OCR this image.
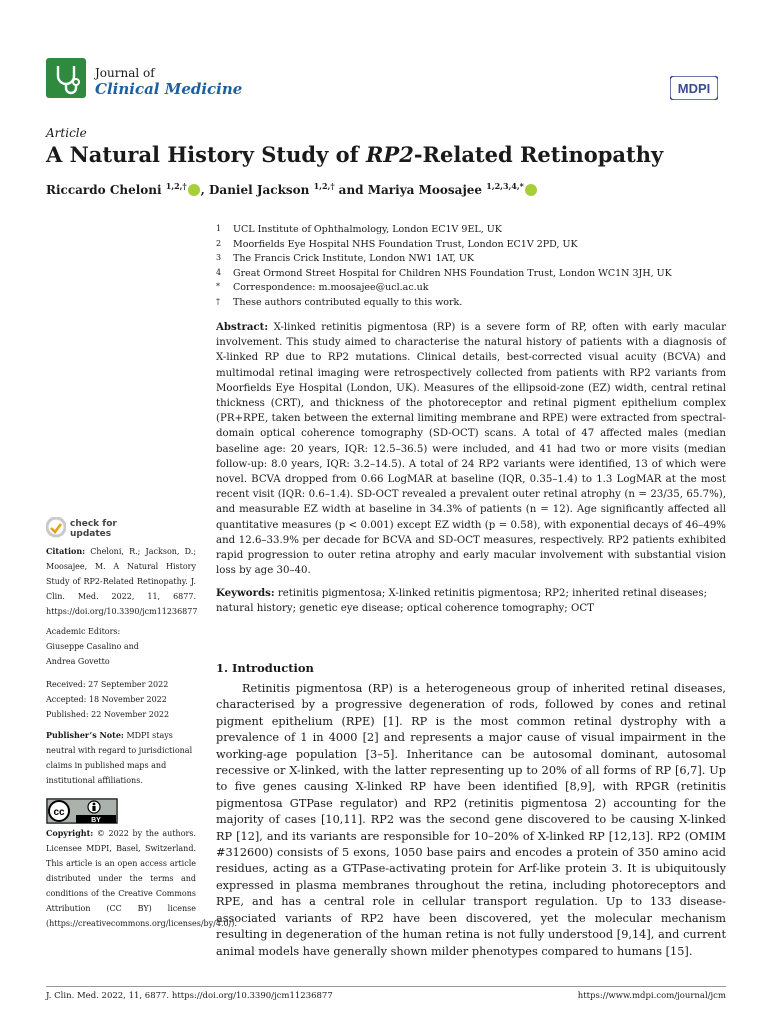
Journal of
Clinical Medicine	MDPI
Article
A Natural History Study of RP2-Related Retinopathy
Riccardo Cheloni $^{1,2,\dagger}$ , Daniel Jackson $^{1,2,\dagger}$ and Mariya Moosajee $^{1,2,3,4,*}$
1 UCL Institute of Ophthalmology, London EC1V 9EL, UK
2 Moorfields Eye Hospital NHS Foundation Trust, London EC1V 2PD, UK
3 The Francis Crick Institute, London NW1 1AT, UK
4 Great Ormond Street Hospital for Children NHS Foundation Trust, London WC1N 3JH, UK
* Correspondence: m.moosajee@ucl.ac.uk
† These authors contributed equally to this work.
Abstract: X-linked retinitis pigmentosa (RP) is a severe form of RP, often with early macular involvement. This study aimed to characterise the natural history of patients with a diagnosis of X-linked RP due to RP2 mutations. Clinical details, best-corrected visual acuity (BCVA) and multimodal retinal imaging were retrospectively collected from patients with RP2 variants from Moorfields Eye Hospital (London, UK). Measures of the ellipsoid-zone (EZ) width, central retinal thickness (CRT), and thickness of the photoreceptor and retinal pigment epithelium complex (PR+RPE, taken between the external limiting membrane and RPE) were extracted from spectral-domain optical coherence tomography (SD-OCT) scans. A total of 47 affected males (median baseline age: 20 years, IQR: 12.5–36.5) were included, and 41 had two or more visits (median follow-up: 8.0 years, IQR: 3.2–14.5). A total of 24 RP2 variants were identified, 13 of which were novel. BCVA dropped from 0.66 LogMAR at baseline (IQR, 0.35–1.4) to 1.3 LogMAR at the most recent visit (IQR: 0.6–1.4). SD-OCT revealed a prevalent outer retinal atrophy (n = 23/35, 65.7%), and measurable EZ width at baseline in 34.3% of patients (n = 12). Age significantly affected all quantitative measures (p < 0.001) except EZ width (p = 0.58), with exponential decays of 46–49% and 12.6–33.9% per decade for BCVA and SD-OCT measures, respectively. RP2 patients exhibited rapid progression to outer retina atrophy and early macular involvement with substantial vision loss by age 30–40.
Keywords: retinitis pigmentosa; X-linked retinitis pigmentosa; RP2; inherited retinal diseases; natural history; genetic eye disease; optical coherence tomography; OCT
check for
updates
Citation: Cheloni, R.; Jackson, D.; Moosajee, M. A Natural History Study of RP2-Related Retinopathy. J. Clin. Med. 2022, 11, 6877. https://doi.org/10.3390/jcm11236877
Academic Editors:
Giuseppe Casalino and
Andrea Govetto
Received: 27 September 2022
Accepted: 18 November 2022
Published: 22 November 2022
Publisher’s Note: MDPI stays neutral with regard to jurisdictional claims in published maps and institutional affiliations.
cc
BY
Copyright: © 2022 by the authors. Licensee MDPI, Basel, Switzerland. This article is an open access article distributed under the terms and conditions of the Creative Commons Attribution (CC BY) license (https://creativecommons.org/licenses/by/4.0/).
1. Introduction
Retinitis pigmentosa (RP) is a heterogeneous group of inherited retinal diseases, characterised by a progressive degeneration of rods, followed by cones and retinal pigment epithelium (RPE) [1]. RP is the most common retinal dystrophy with a prevalence of 1 in 4000 [2] and represents a major cause of visual impairment in the working-age population [3–5]. Inheritance can be autosomal dominant, autosomal recessive or X-linked, with the latter representing up to 20% of all forms of RP [6,7]. Up to five genes causing X-linked RP have been identified [8,9], with RPGR (retinitis pigmentosa GTPase regulator) and RP2 (retinitis pigmentosa 2) accounting for the majority of cases [10,11]. RP2 was the second gene discovered to be causing X-linked RP [12], and its variants are responsible for 10–20% of X-linked RP [12,13]. RP2 (OMIM #312600) consists of 5 exons, 1050 base pairs and encodes a protein of 350 amino acid residues, acting as a GTPase-activating protein for Arf-like protein 3. It is ubiquitously expressed in plasma membranes throughout the retina, including photoreceptors and RPE, and has a central role in cellular transport regulation. Up to 133 disease-associated variants of RP2 have been discovered, yet the molecular mechanism resulting in degeneration of the human retina is not fully understood [9,14], and current animal models have generally shown milder phenotypes compared to humans [15].
J. Clin. Med. 2022, 11, 6877. https://doi.org/10.3390/jcm11236877	https://www.mdpi.com/journal/jcm
